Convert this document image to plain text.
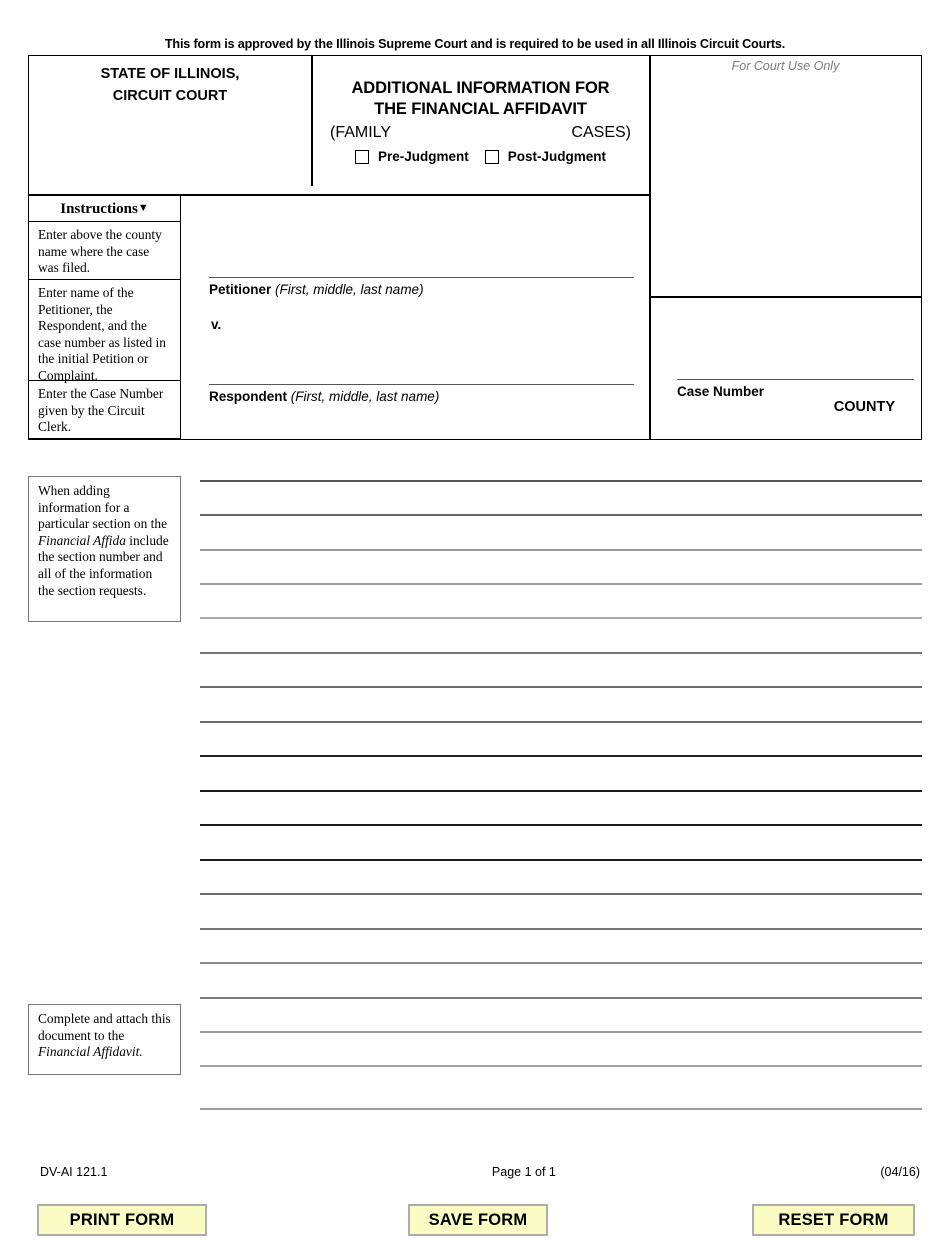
This form is approved by the Illinois Supreme Court and is required to be used in all Illinois Circuit Courts.
STATE OF ILLINOIS,
CIRCUIT COURT
COUNTY
ADDITIONAL INFORMATION FOR
THE FINANCIAL AFFIDAVIT
(FAMILY	CASES)
Pre-Judgment	Post-Judgment
Instructions▼
Enter above the county name where the case was filed.
Enter name of the Petitioner, the Respondent, and the case number as listed in the initial Petition or Complaint.
Enter the Case Number given by the Circuit Clerk.
Petitioner (First, middle, last name)
v.
Respondent (First, middle, last name)
For Court Use Only
Case Number
When adding information for a particular section on the Financial Affida include the section number and all of the information the section requests.
Complete and attach this document to the Financial Affidavit.
DV-AI 121.1	Page 1 of 1	(04/16)
PRINT FORM	SAVE FORM	RESET FORM
